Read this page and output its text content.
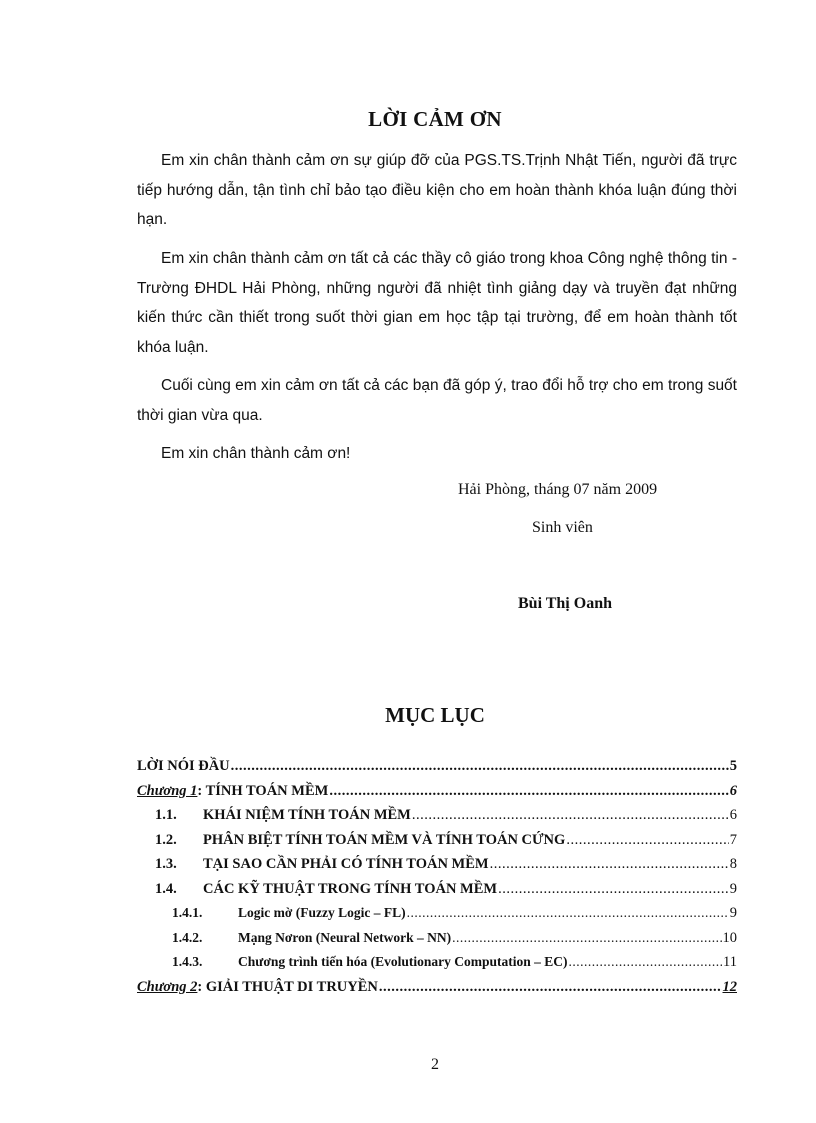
LỜI CẢM ƠN

Em xin chân thành cảm ơn sự giúp đỡ của PGS.TS.Trịnh Nhật Tiến, người đã trực tiếp hướng dẫn, tận tình chỉ bảo tạo điều kiện cho em hoàn thành khóa luận đúng thời hạn.

Em xin chân thành cảm ơn tất cả các thầy cô giáo trong khoa Công nghệ thông tin - Trường ĐHDL Hải Phòng, những người đã nhiệt tình giảng dạy và truyền đạt những kiến thức cần thiết trong suốt thời gian em học tập tại trường, để em hoàn thành tốt khóa luận.

Cuối cùng em xin cảm ơn tất cả các bạn đã góp ý, trao đổi hỗ trợ cho em trong suốt thời gian vừa qua.

Em xin chân thành cảm ơn!

Hải Phòng, tháng 07 năm 2009
Sinh viên
Bùi Thị Oanh
MỤC LỤC
LỜI NÓI ĐẦU .....	5
Chương 1: TÍNH TOÁN MỀM .....	6
1.1.	KHÁI NIỆM TÍNH TOÁN MỀM .....	6
1.2.	PHÂN BIỆT TÍNH TOÁN MỀM VÀ TÍNH TOÁN CỨNG .....	7
1.3.	TẠI SAO CẦN PHẢI CÓ TÍNH TOÁN MỀM .....	8
1.4.	CÁC KỸ THUẬT TRONG TÍNH TOÁN MỀM .....	9
1.4.1.	Logic mờ (Fuzzy Logic – FL) .....	9
1.4.2.	Mạng Nơron (Neural Network – NN) .....	10
1.4.3.	Chương trình tiến hóa (Evolutionary Computation – EC) .....	11
Chương 2: GIẢI THUẬT DI TRUYỀN .....	12
2
